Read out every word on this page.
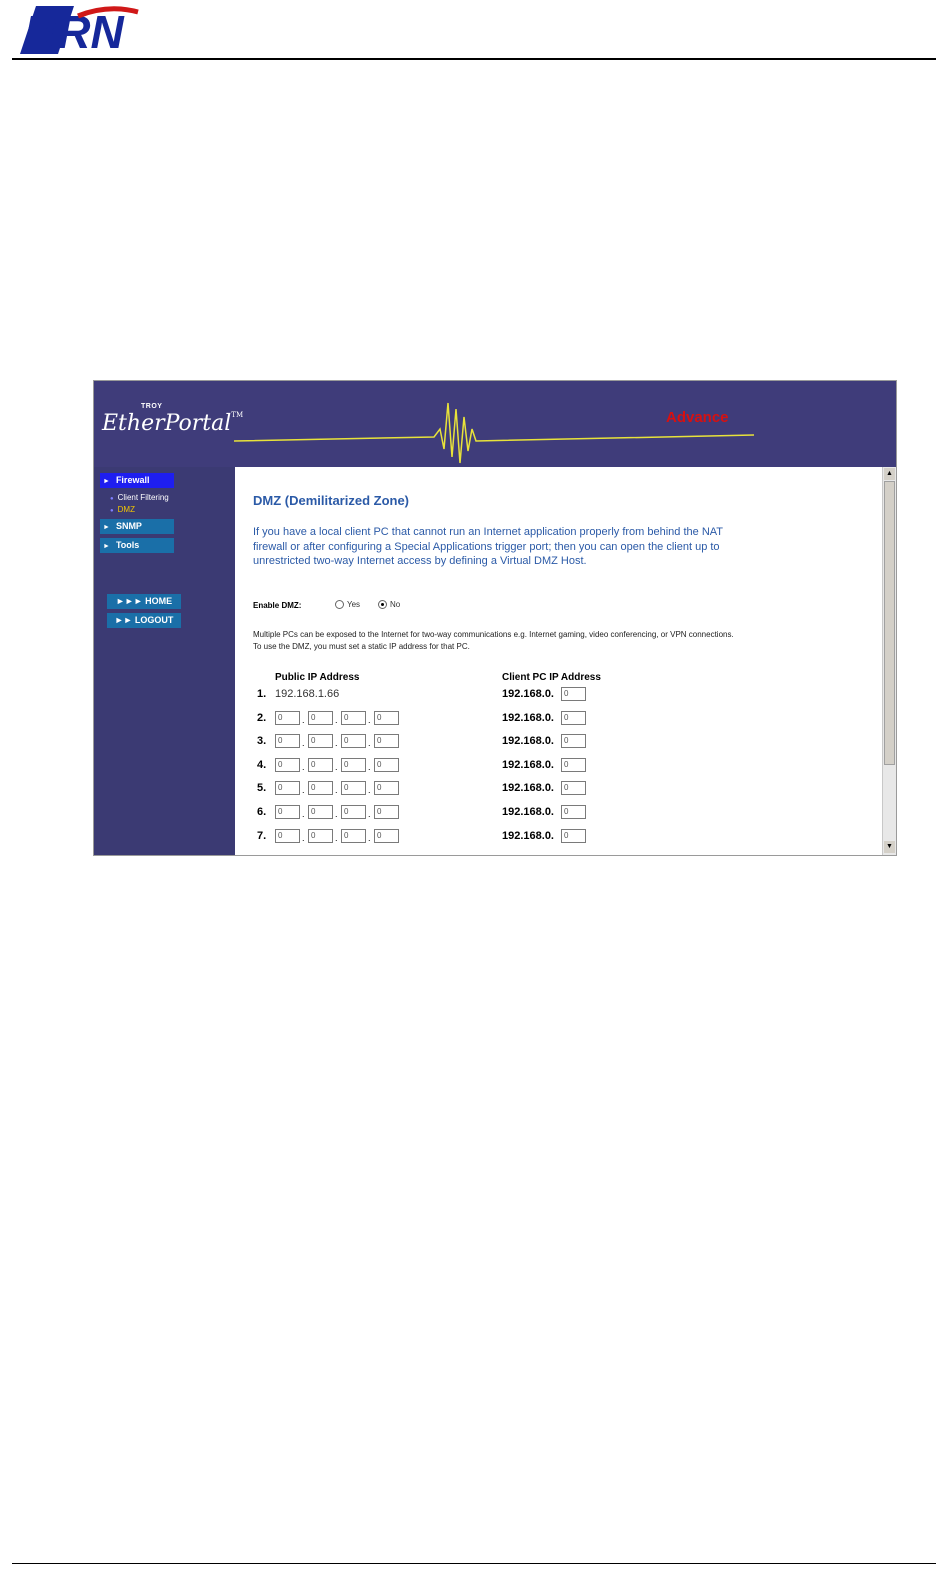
BRN
TROY
EtherPortal™	Advance
► Firewall
● Client Filtering
● DMZ
► SNMP
► Tools
►►► HOME
►► LOGOUT
DMZ (Demilitarized Zone)
If you have a local client PC that cannot run an Internet application properly from behind the NAT firewall or after configuring a Special Applications trigger port; then you can open the client up to unrestricted two-way Internet access by defining a Virtual DMZ Host.
Enable DMZ:	Yes	No
Multiple PCs can be exposed to the Internet for two-way communications e.g. Internet gaming, video conferencing, or VPN connections. To use the DMZ, you must set a static IP address for that PC.
Public IP Address	Client PC IP Address
1. 192.168.1.66	192.168.0.	0
2.	0	. 0	. 0	. 0	192.168.0.	0
3.	0	. 0	. 0	. 0	192.168.0.	0
4.	0	. 0	. 0	. 0	192.168.0.	0
5.	0	. 0	. 0	. 0	192.168.0.	0
6.	0	. 0	. 0	. 0	192.168.0.	0
7.	0	. 0	. 0	. 0	192.168.0.	0
▲
▼
